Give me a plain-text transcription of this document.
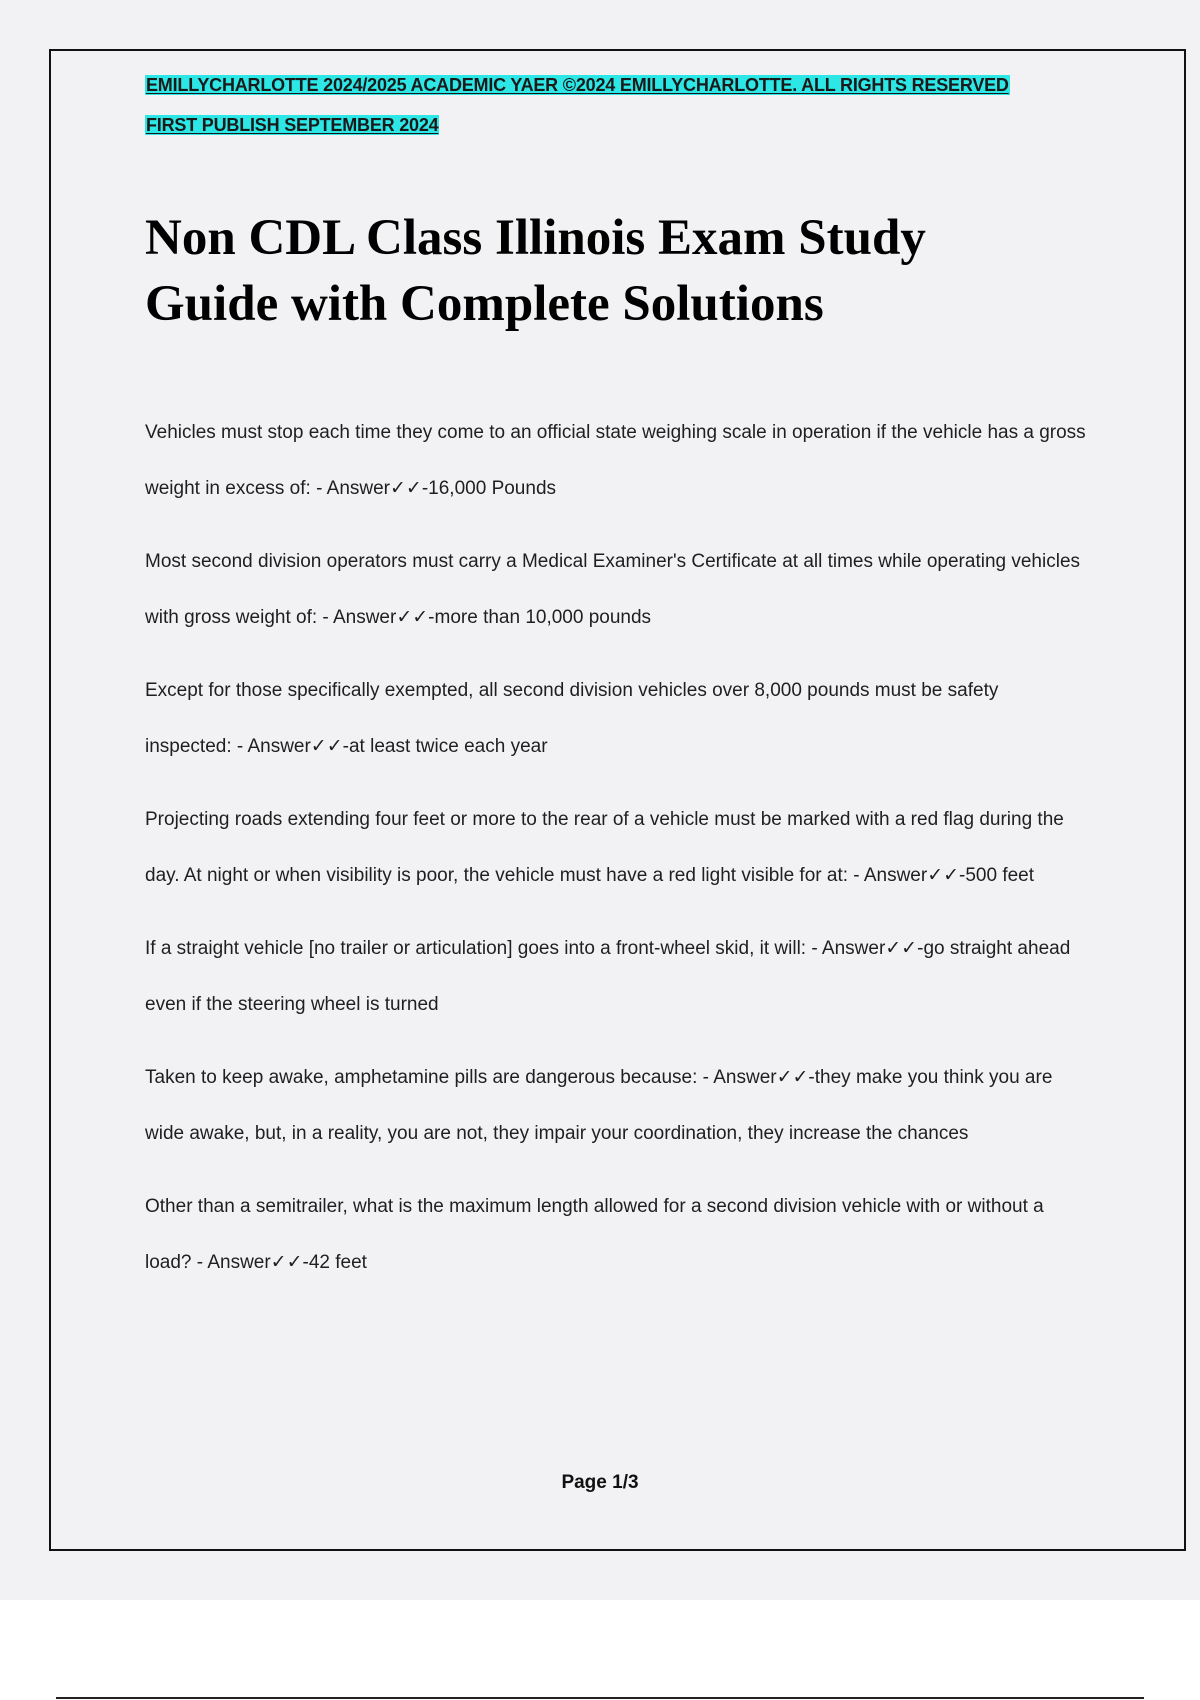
EMILLYCHARLOTTE 2024/2025 ACADEMIC YAER ©2024 EMILLYCHARLOTTE. ALL RIGHTS RESERVED
FIRST PUBLISH SEPTEMBER 2024
Non CDL Class Illinois Exam Study Guide with Complete Solutions

Vehicles must stop each time they come to an official state weighing scale in operation if the vehicle has a gross weight in excess of: - Answer✓✓-16,000 Pounds

Most second division operators must carry a Medical Examiner's Certificate at all times while operating vehicles with gross weight of: - Answer✓✓-more than 10,000 pounds

Except for those specifically exempted, all second division vehicles over 8,000 pounds must be safety inspected: - Answer✓✓-at least twice each year

Projecting roads extending four feet or more to the rear of a vehicle must be marked with a red flag during the day. At night or when visibility is poor, the vehicle must have a red light visible for at: - Answer✓✓-500 feet

If a straight vehicle [no trailer or articulation] goes into a front-wheel skid, it will: - Answer✓✓-go straight ahead even if the steering wheel is turned

Taken to keep awake, amphetamine pills are dangerous because: - Answer✓✓-they make you think you are wide awake, but, in a reality, you are not, they impair your coordination, they increase the chances

Other than a semitrailer, what is the maximum length allowed for a second division vehicle with or without a load? - Answer✓✓-42 feet

Page 1/3
